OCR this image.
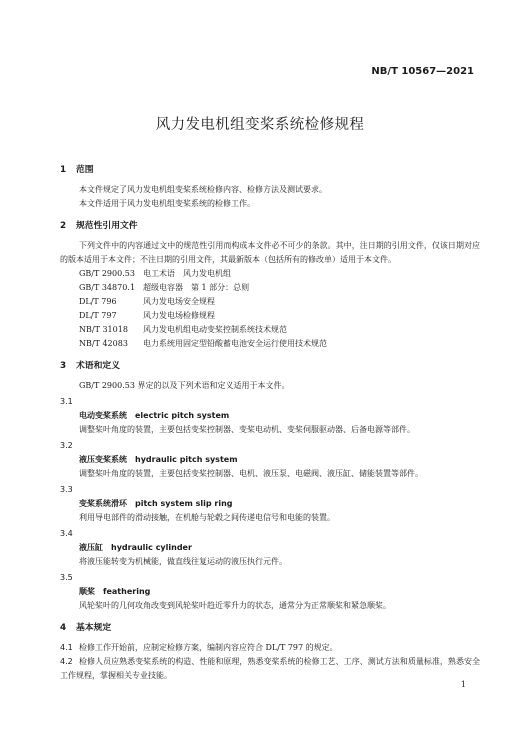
NB/T 10567—2021
风力发电机组变桨系统检修规程
1 范围
本文件规定了风力发电机组变桨系统检修内容、检修方法及测试要求。
本文件适用于风力发电机组变桨系统的检修工作。
2 规范性引用文件
下列文件中的内容通过文中的规范性引用而构成本文件必不可少的条款。其中，注日期的引用文件，仅该日期对应的版本适用于本文件；不注日期的引用文件，其最新版本（包括所有的修改单）适用于本文件。
GB/T 2900.53 电工术语　风力发电机组
GB/T 34870.1 超级电容器　第 1 部分：总则
DL/T 796	风力发电场安全规程
DL/T 797	风力发电场检修规程
NB/T 31018 风力发电机组电动变桨控制系统技术规范
NB/T 42083 电力系统用固定型铅酸蓄电池安全运行使用技术规范
3 术语和定义
GB/T 2900.53 界定的以及下列术语和定义适用于本文件。
3.1
电动变桨系统 electric pitch system
调整桨叶角度的装置，主要包括变桨控制器、变桨电动机、变桨伺服驱动器、后备电源等部件。
3.2
液压变桨系统 hydraulic pitch system
调整桨叶角度的装置，主要包括变桨控制器、电机、液压泵、电磁阀、液压缸、储能装置等部件。
3.3
变桨系统滑环 pitch system slip ring
利用导电部件的滑动接触，在机舱与轮毂之间传递电信号和电能的装置。
3.4
液压缸 hydraulic cylinder
将液压能转变为机械能，做直线往复运动的液压执行元件。
3.5
顺桨 feathering
风轮桨叶的几何攻角改变到风轮桨叶趋近零升力的状态，通常分为正常顺桨和紧急顺桨。
4 基本规定
4.1 检修工作开始前，应制定检修方案，编制内容应符合 DL/T 797 的规定。
4.2 检修人员应熟悉变桨系统的构造、性能和原理，熟悉变桨系统的检修工艺、工序、测试方法和质量标准，熟悉安全工作规程，掌握相关专业技能。
1
